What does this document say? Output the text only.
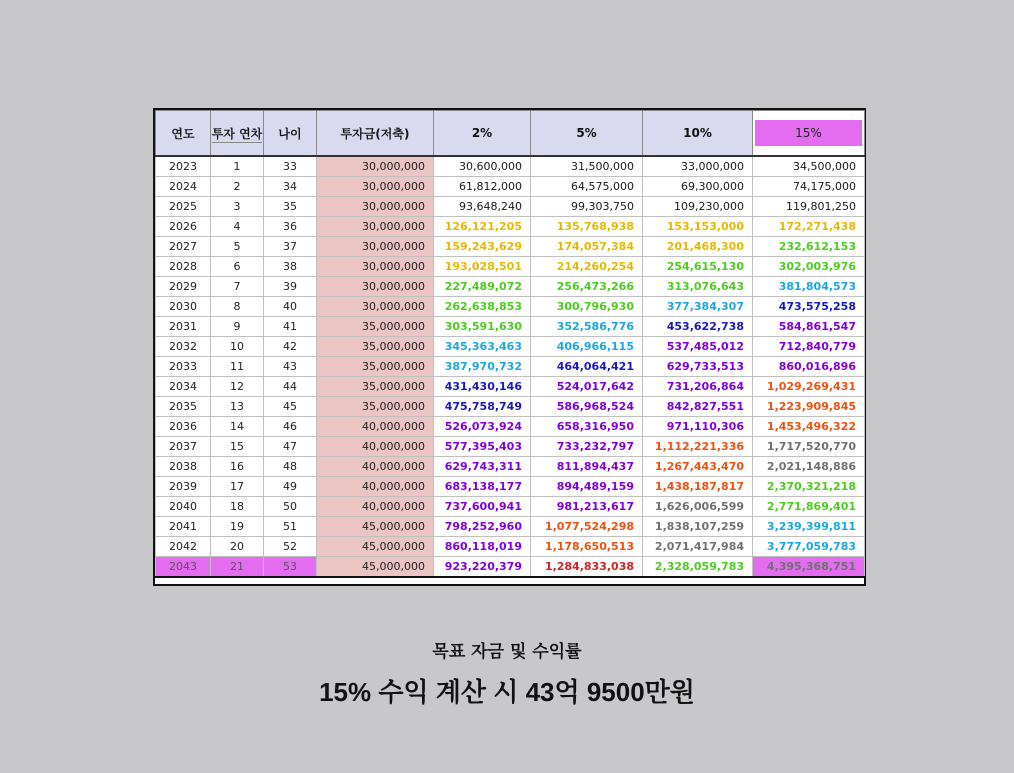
연도	투자 연차	나이	투자금(저축)	2%	5%	10%	15%

2023	1	33	30,000,000	30,600,000	31,500,000	33,000,000	34,500,000
2024	2	34	30,000,000	61,812,000	64,575,000	69,300,000	74,175,000
2025	3	35	30,000,000	93,648,240	99,303,750	109,230,000	119,801,250
2026	4	36	30,000,000	126,121,205	135,768,938	153,153,000	172,271,438
2027	5	37	30,000,000	159,243,629	174,057,384	201,468,300	232,612,153
2028	6	38	30,000,000	193,028,501	214,260,254	254,615,130	302,003,976
2029	7	39	30,000,000	227,489,072	256,473,266	313,076,643	381,804,573
2030	8	40	30,000,000	262,638,853	300,796,930	377,384,307	473,575,258
2031	9	41	35,000,000	303,591,630	352,586,776	453,622,738	584,861,547
2032	10	42	35,000,000	345,363,463	406,966,115	537,485,012	712,840,779
2033	11	43	35,000,000	387,970,732	464,064,421	629,733,513	860,016,896
2034	12	44	35,000,000	431,430,146	524,017,642	731,206,864	1,029,269,431
2035	13	45	35,000,000	475,758,749	586,968,524	842,827,551	1,223,909,845
2036	14	46	40,000,000	526,073,924	658,316,950	971,110,306	1,453,496,322
2037	15	47	40,000,000	577,395,403	733,232,797	1,112,221,336	1,717,520,770
2038	16	48	40,000,000	629,743,311	811,894,437	1,267,443,470	2,021,148,886
2039	17	49	40,000,000	683,138,177	894,489,159	1,438,187,817	2,370,321,218
2040	18	50	40,000,000	737,600,941	981,213,617	1,626,006,599	2,771,869,401
2041	19	51	45,000,000	798,252,960	1,077,524,298	1,838,107,259	3,239,399,811
2042	20	52	45,000,000	860,118,019	1,178,650,513	2,071,417,984	3,777,059,783
2043	21	53	45,000,000	923,220,379	1,284,833,038	2,328,059,783	4,395,368,751
목표 자금 및 수익률
15% 수익 계산 시 43억 9500만원
